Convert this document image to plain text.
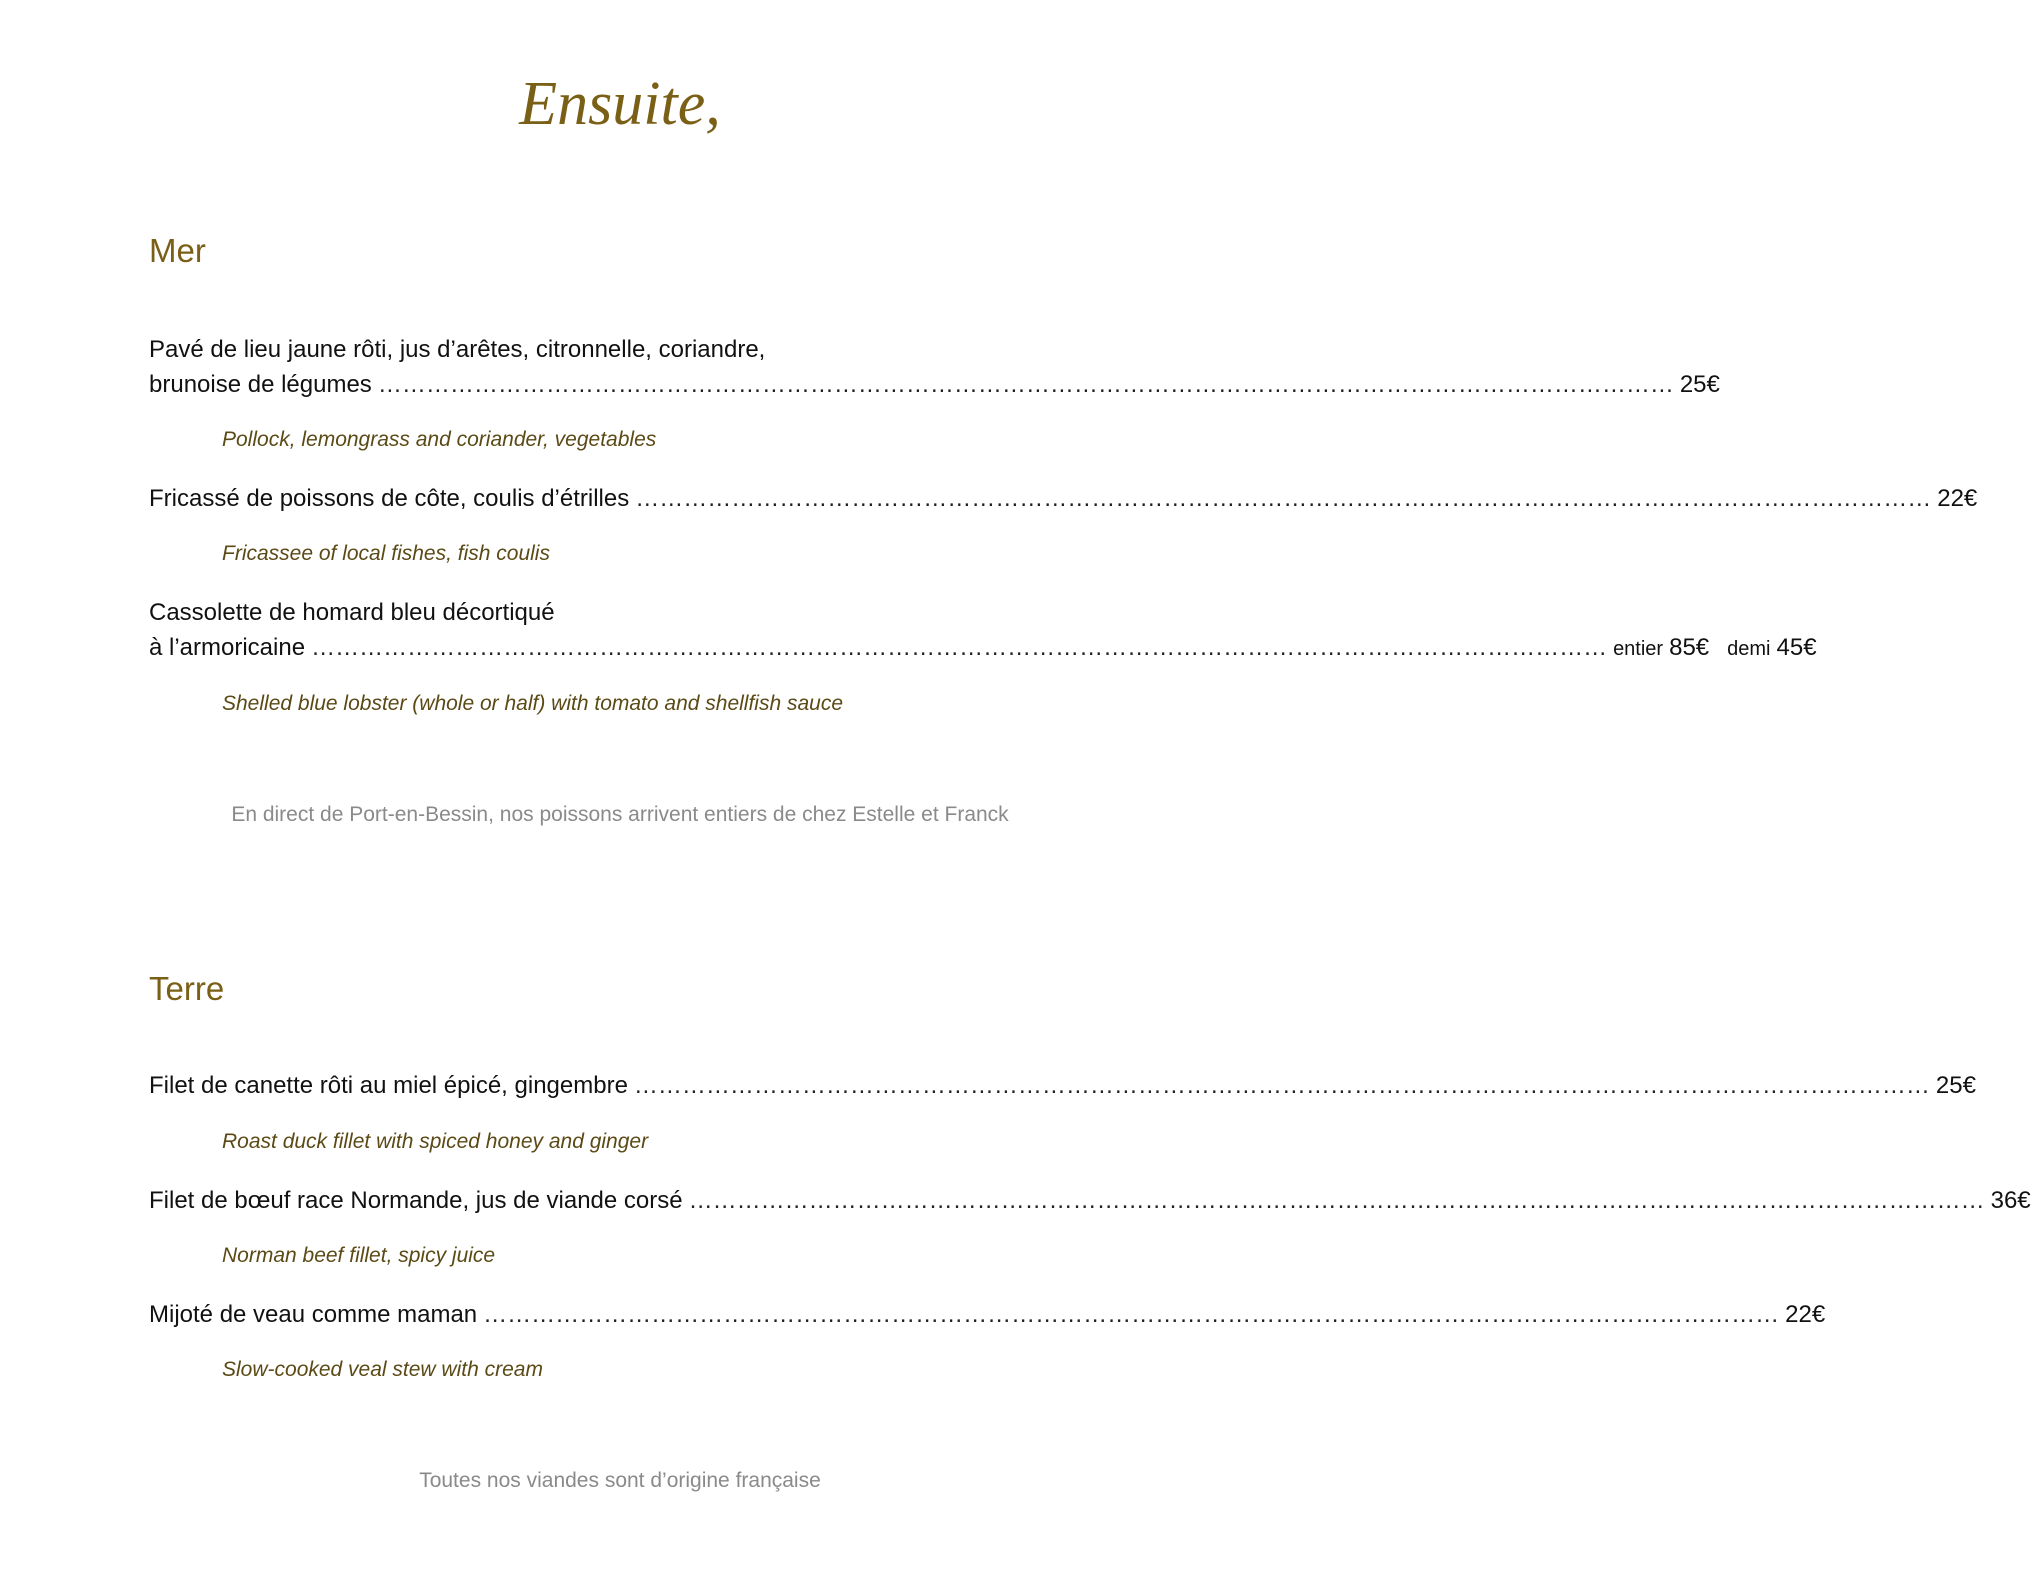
Ensuite,
Mer
Pavé de lieu jaune rôti, jus d’arêtes, citronnelle, coriandre,
brunoise de légumes ……………………………………………………………………………………………………………………………………………… 25€
Pollock, lemongrass and coriander, vegetables
Fricassé de poissons de côte, coulis d’étrilles ……………………………………………………………………………………………………………………………………………… 22€
Fricassee of local fishes, fish coulis
Cassolette de homard bleu décortiqué
à l’armoricaine ……………………………………………………………………………………………………………………………………………… entier 85€ demi 45€
Shelled blue lobster (whole or half) with tomato and shellfish sauce
En direct de Port-en-Bessin, nos poissons arrivent entiers de chez Estelle et Franck
Terre
Filet de canette rôti au miel épicé, gingembre ……………………………………………………………………………………………………………………………………………… 25€
Roast duck fillet with spiced honey and ginger
Filet de bœuf race Normande, jus de viande corsé ……………………………………………………………………………………………………………………………………………… 36€
Norman beef fillet, spicy juice
Mijoté de veau comme maman ……………………………………………………………………………………………………………………………………………… 22€
Slow-cooked veal stew with cream
Toutes nos viandes sont d’origine française
